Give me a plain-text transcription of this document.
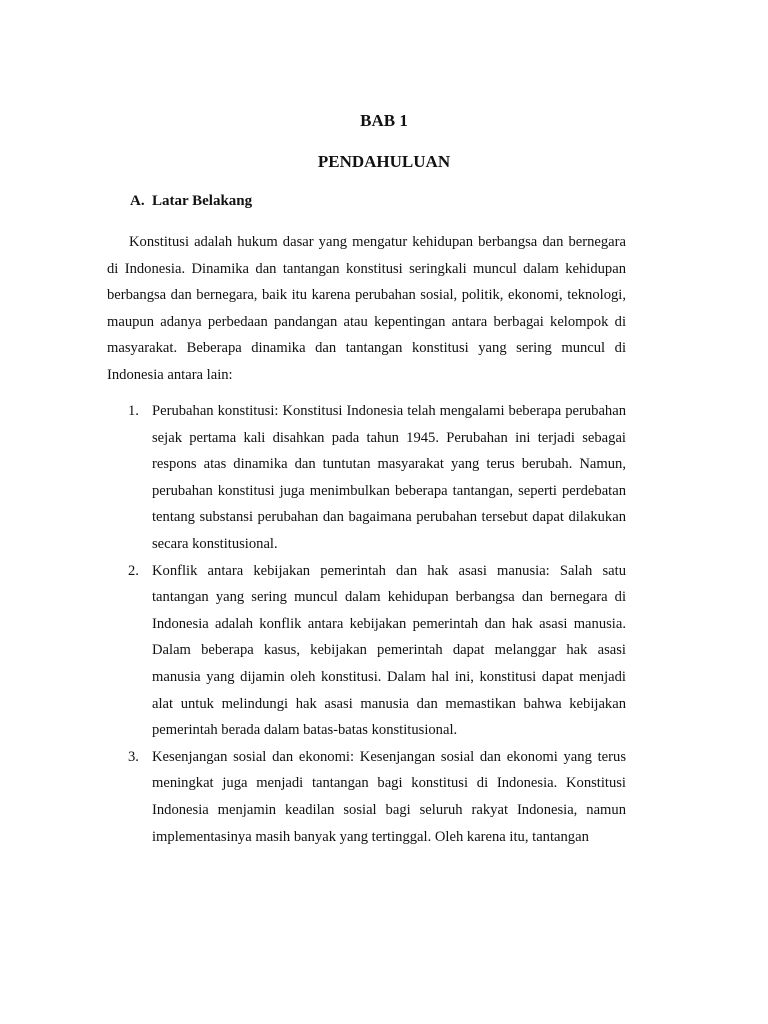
BAB 1
PENDAHULUAN
A. Latar Belakang

Konstitusi adalah hukum dasar yang mengatur kehidupan berbangsa dan bernegara di Indonesia. Dinamika dan tantangan konstitusi seringkali muncul dalam kehidupan berbangsa dan bernegara, baik itu karena perubahan sosial, politik, ekonomi, teknologi, maupun adanya perbedaan pandangan atau kepentingan antara berbagai kelompok di masyarakat. Beberapa dinamika dan tantangan konstitusi yang sering muncul di Indonesia antara lain:

1. Perubahan konstitusi: Konstitusi Indonesia telah mengalami beberapa perubahan sejak pertama kali disahkan pada tahun 1945. Perubahan ini terjadi sebagai respons atas dinamika dan tuntutan masyarakat yang terus berubah. Namun, perubahan konstitusi juga menimbulkan beberapa tantangan, seperti perdebatan tentang substansi perubahan dan bagaimana perubahan tersebut dapat dilakukan secara konstitusional.
2. Konflik antara kebijakan pemerintah dan hak asasi manusia: Salah satu tantangan yang sering muncul dalam kehidupan berbangsa dan bernegara di Indonesia adalah konflik antara kebijakan pemerintah dan hak asasi manusia. Dalam beberapa kasus, kebijakan pemerintah dapat melanggar hak asasi manusia yang dijamin oleh konstitusi. Dalam hal ini, konstitusi dapat menjadi alat untuk melindungi hak asasi manusia dan memastikan bahwa kebijakan pemerintah berada dalam batas-batas konstitusional.
3. Kesenjangan sosial dan ekonomi: Kesenjangan sosial dan ekonomi yang terus meningkat juga menjadi tantangan bagi konstitusi di Indonesia. Konstitusi Indonesia menjamin keadilan sosial bagi seluruh rakyat Indonesia, namun implementasinya masih banyak yang tertinggal. Oleh karena itu, tantangan
